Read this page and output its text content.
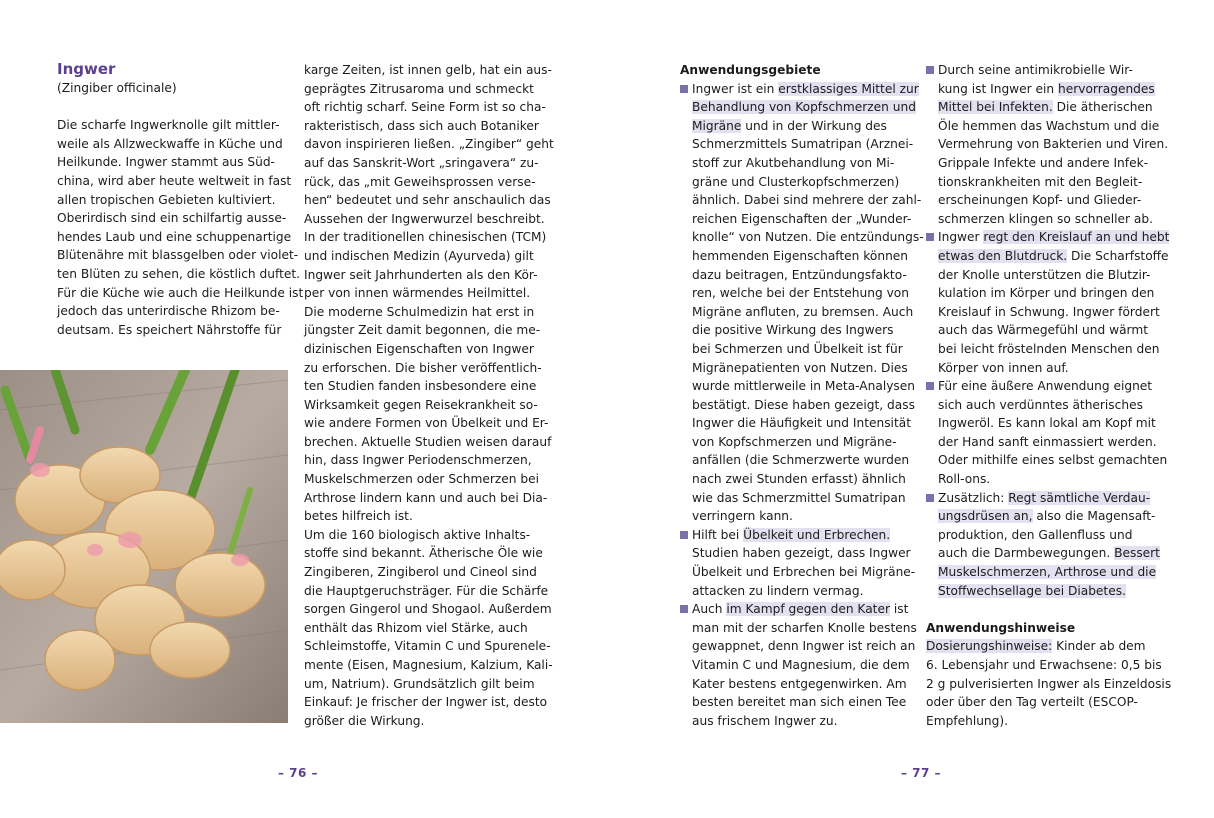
Ingwer

(Zingiber officinale)

Die scharfe Ingwerknolle gilt mittler-
weile als Allzweckwaffe in Küche und
Heilkunde. Ingwer stammt aus Süd-
china, wird aber heute weltweit in fast
allen tropischen Gebieten kultiviert.
Oberirdisch sind ein schilfartig ausse-
hendes Laub und eine schuppenartige
Blütenähre mit blassgelben oder violet-
ten Blüten zu sehen, die köstlich duftet.
Für die Küche wie auch die Heilkunde ist
jedoch das unterirdische Rhizom be-
deutsam. Es speichert Nährstoffe für

karge Zeiten, ist innen gelb, hat ein aus-
geprägtes Zitrusaroma und schmeckt
oft richtig scharf. Seine Form ist so cha-
rakteristisch, dass sich auch Botaniker
davon inspirieren ließen. „Zingiber“ geht
auf das Sanskrit-Wort „sringavera“ zu-
rück, das „mit Geweihsprossen verse-
hen“ bedeutet und sehr anschaulich das
Aussehen der Ingwerwurzel beschreibt.
In der traditionellen chinesischen (TCM)
und indischen Medizin (Ayurveda) gilt
Ingwer seit Jahrhunderten als den Kör-
per von innen wärmendes Heilmittel.
Die moderne Schulmedizin hat erst in
jüngster Zeit damit begonnen, die me-
dizinischen Eigenschaften von Ingwer
zu erforschen. Die bisher veröffentlich-
ten Studien fanden insbesondere eine
Wirksamkeit gegen Reisekrankheit so-
wie andere Formen von Übelkeit und Er-
brechen. Aktuelle Studien weisen darauf
hin, dass Ingwer Periodenschmerzen,
Muskelschmerzen oder Schmerzen bei
Arthrose lindern kann und auch bei Dia-
betes hilfreich ist.
Um die 160 biologisch aktive Inhalts-
stoffe sind bekannt. Ätherische Öle wie
Zingiberen, Zingiberol und Cineol sind
die Hauptgeruchsträger. Für die Schärfe
sorgen Gingerol und Shogaol. Außerdem
enthält das Rhizom viel Stärke, auch
Schleimstoffe, Vitamin C und Spurenele-
mente (Eisen, Magnesium, Kalzium, Kali-
um, Natrium). Grundsätzlich gilt beim
Einkauf: Je frischer der Ingwer ist, desto
größer die Wirkung.

– 76 –

Anwendungsgebiete

Ingwer ist ein erstklassiges Mittel zur
Behandlung von Kopfschmerzen und
Migräne und in der Wirkung des
Schmerzmittels Sumatripan (Arznei-
stoff zur Akutbehandlung von Mi-
gräne und Clusterkopfschmerzen)
ähnlich. Dabei sind mehrere der zahl-
reichen Eigenschaften der „Wunder-
knolle“ von Nutzen. Die entzündungs-
hemmenden Eigenschaften können
dazu beitragen, Entzündungsfakto-
ren, welche bei der Entstehung von
Migräne anfluten, zu bremsen. Auch
die positive Wirkung des Ingwers
bei Schmerzen und Übelkeit ist für
Migränepatienten von Nutzen. Dies
wurde mittlerweile in Meta-Analysen
bestätigt. Diese haben gezeigt, dass
Ingwer die Häufigkeit und Intensität
von Kopfschmerzen und Migräne-
anfällen (die Schmerzwerte wurden
nach zwei Stunden erfasst) ähnlich
wie das Schmerzmittel Sumatripan
verringern kann.

Hilft bei Übelkeit und Erbrechen.
Studien haben gezeigt, dass Ingwer
Übelkeit und Erbrechen bei Migräne-
attacken zu lindern vermag.

Auch im Kampf gegen den Kater ist
man mit der scharfen Knolle bestens
gewappnet, denn Ingwer ist reich an
Vitamin C und Magnesium, die dem
Kater bestens entgegenwirken. Am
besten bereitet man sich einen Tee
aus frischem Ingwer zu.

Durch seine antimikrobielle Wir-
kung ist Ingwer ein hervorragendes
Mittel bei Infekten. Die ätherischen
Öle hemmen das Wachstum und die
Vermehrung von Bakterien und Viren.
Grippale Infekte und andere Infek-
tionskrankheiten mit den Begleit-
erscheinungen Kopf- und Glieder-
schmerzen klingen so schneller ab.

Ingwer regt den Kreislauf an und hebt
etwas den Blutdruck. Die Scharfstoffe
der Knolle unterstützen die Blutzir-
kulation im Körper und bringen den
Kreislauf in Schwung. Ingwer fördert
auch das Wärmegefühl und wärmt
bei leicht fröstelnden Menschen den
Körper von innen auf.

Für eine äußere Anwendung eignet
sich auch verdünntes ätherisches
Ingweröl. Es kann lokal am Kopf mit
der Hand sanft einmassiert werden.
Oder mithilfe eines selbst gemachten
Roll-ons.

Zusätzlich: Regt sämtliche Verdau-
ungsdrüsen an, also die Magensaft-
produktion, den Gallenfluss und
auch die Darmbewegungen. Bessert
Muskelschmerzen, Arthrose und die
Stoffwechsellage bei Diabetes.

Anwendungshinweise

Dosierungshinweise: Kinder ab dem
6. Lebensjahr und Erwachsene: 0,5 bis
2 g pulverisierten Ingwer als Einzeldosis
oder über den Tag verteilt (ESCOP-
Empfehlung).

– 77 –
